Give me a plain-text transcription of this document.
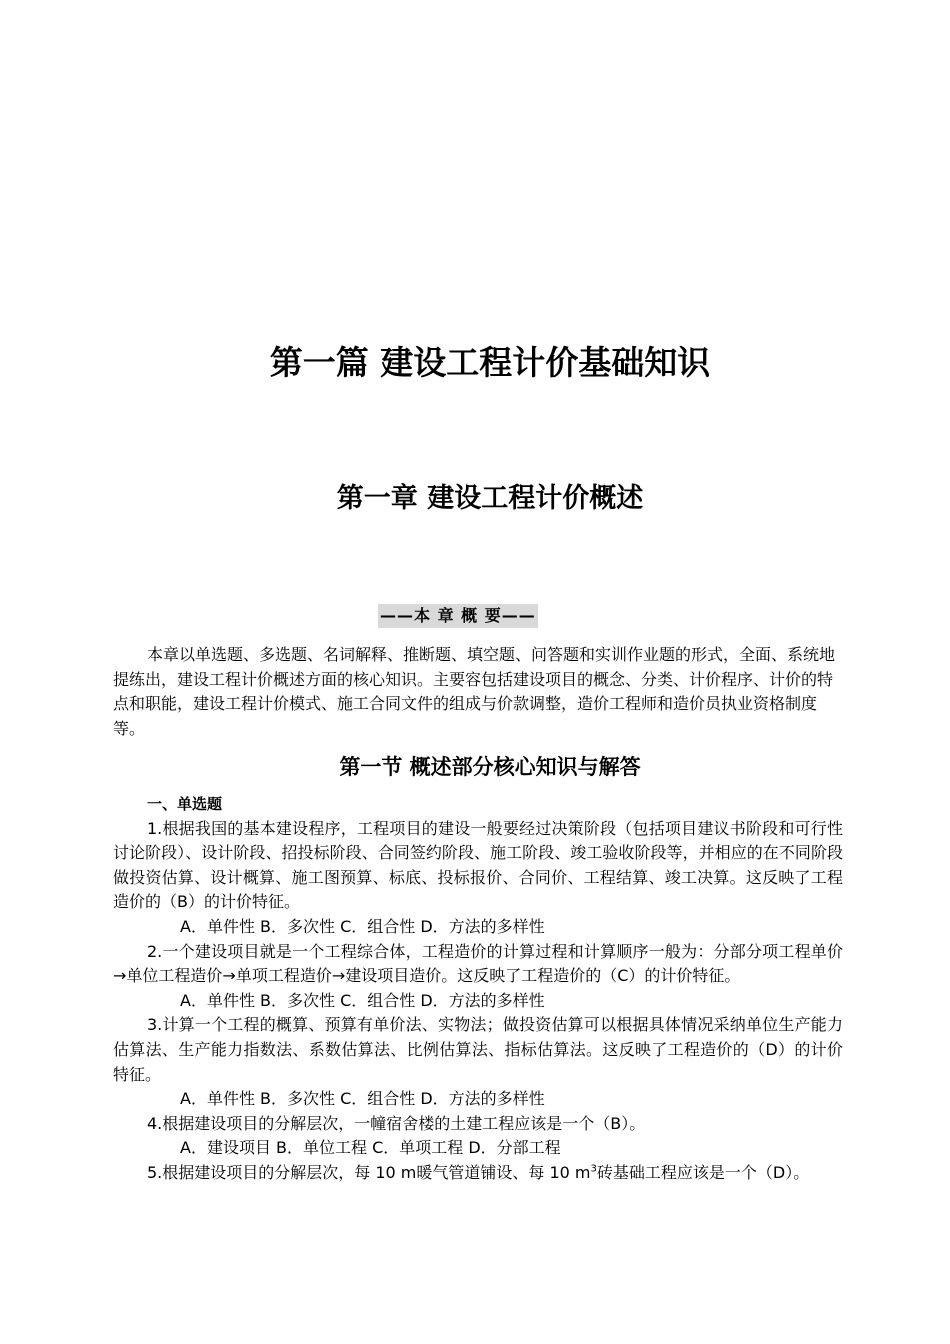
第一篇 建设工程计价基础知识
第一章 建设工程计价概述
——本 章 概 要——

本章以单选题、多选题、名词解释、推断题、填空题、问答题和实训作业题的形式，全面、系统地提练出，建设工程计价概述方面的核心知识。主要容包括建设项目的概念、分类、计价程序、计价的特点和职能，建设工程计价模式、施工合同文件的组成与价款调整，造价工程师和造价员执业资格制度等。

第一节 概述部分核心知识与解答

一、单选题

1.根据我国的基本建设程序，工程项目的建设一般要经过决策阶段（包括项目建议书阶段和可行性讨论阶段）、设计阶段、招投标阶段、合同签约阶段、施工阶段、竣工验收阶段等，并相应的在不同阶段做投资估算、设计概算、施工图预算、标底、投标报价、合同价、工程结算、竣工决算。这反映了工程造价的（B）的计价特征。

A．单件性 B．多次性 C．组合性 D．方法的多样性

2.一个建设项目就是一个工程综合体，工程造价的计算过程和计算顺序一般为：分部分项工程单价→单位工程造价→单项工程造价→建设项目造价。这反映了工程造价的（C）的计价特征。

A．单件性 B．多次性 C．组合性 D．方法的多样性

3.计算一个工程的概算、预算有单价法、实物法；做投资估算可以根据具体情况采纳单位生产能力估算法、生产能力指数法、系数估算法、比例估算法、指标估算法。这反映了工程造价的（D）的计价特征。

A．单件性 B．多次性 C．组合性 D．方法的多样性

4.根据建设项目的分解层次，一幢宿舍楼的土建工程应该是一个（B）。

A．建设项目 B．单位工程 C．单项工程 D．分部工程

5.根据建设项目的分解层次，每 10 m暖气管道铺设、每 10 $m^3$砖基础工程应该是一个（D）。
